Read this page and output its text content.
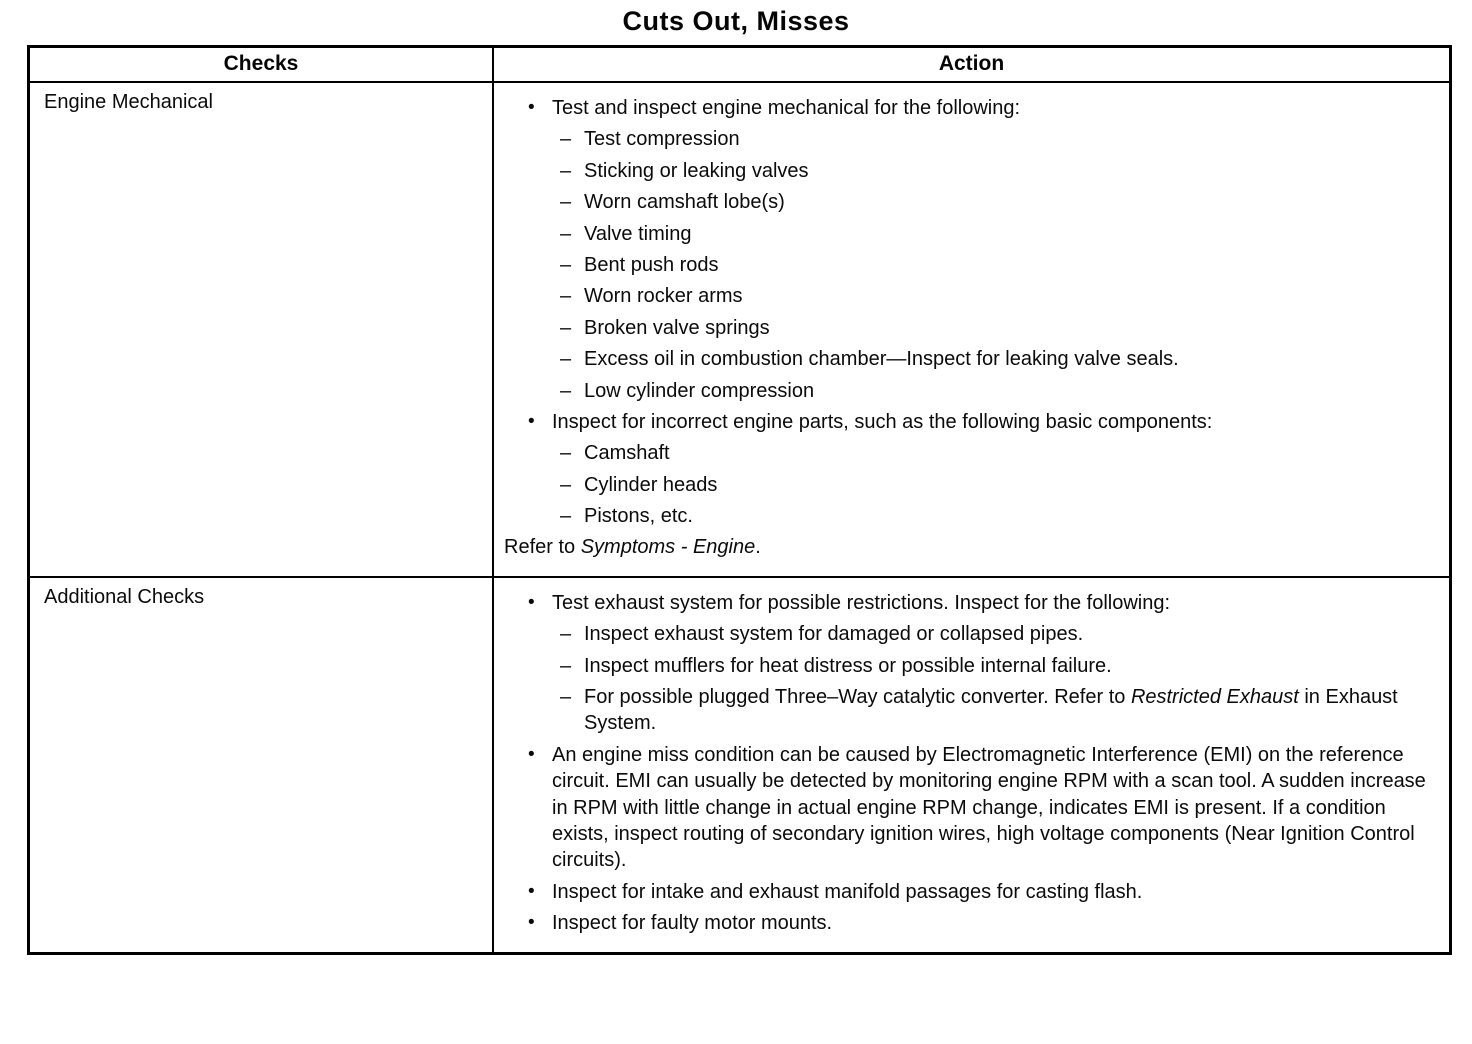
Cuts Out, Misses
Checks	Action
Engine Mechanical	• Test and inspect engine mechanical for the following:
– Test compression
– Sticking or leaking valves
– Worn camshaft lobe(s)
– Valve timing
– Bent push rods
– Worn rocker arms
– Broken valve springs
– Excess oil in combustion chamber—Inspect for leaking valve seals.
– Low cylinder compression
• Inspect for incorrect engine parts, such as the following basic components:
– Camshaft
– Cylinder heads
– Pistons, etc.
Refer to Symptoms - Engine.

Additional Checks	• Test exhaust system for possible restrictions. Inspect for the following:
– Inspect exhaust system for damaged or collapsed pipes.
– Inspect mufflers for heat distress or possible internal failure.
– For possible plugged Three–Way catalytic converter. Refer to Restricted Exhaust in Exhaust System.
• An engine miss condition can be caused by Electromagnetic Interference (EMI) on the reference circuit. EMI can usually be detected by monitoring engine RPM with a scan tool. A sudden increase in RPM with little change in actual engine RPM change, indicates EMI is present. If a condition exists, inspect routing of secondary ignition wires, high voltage components (Near Ignition Control circuits).
• Inspect for intake and exhaust manifold passages for casting flash.
• Inspect for faulty motor mounts.
